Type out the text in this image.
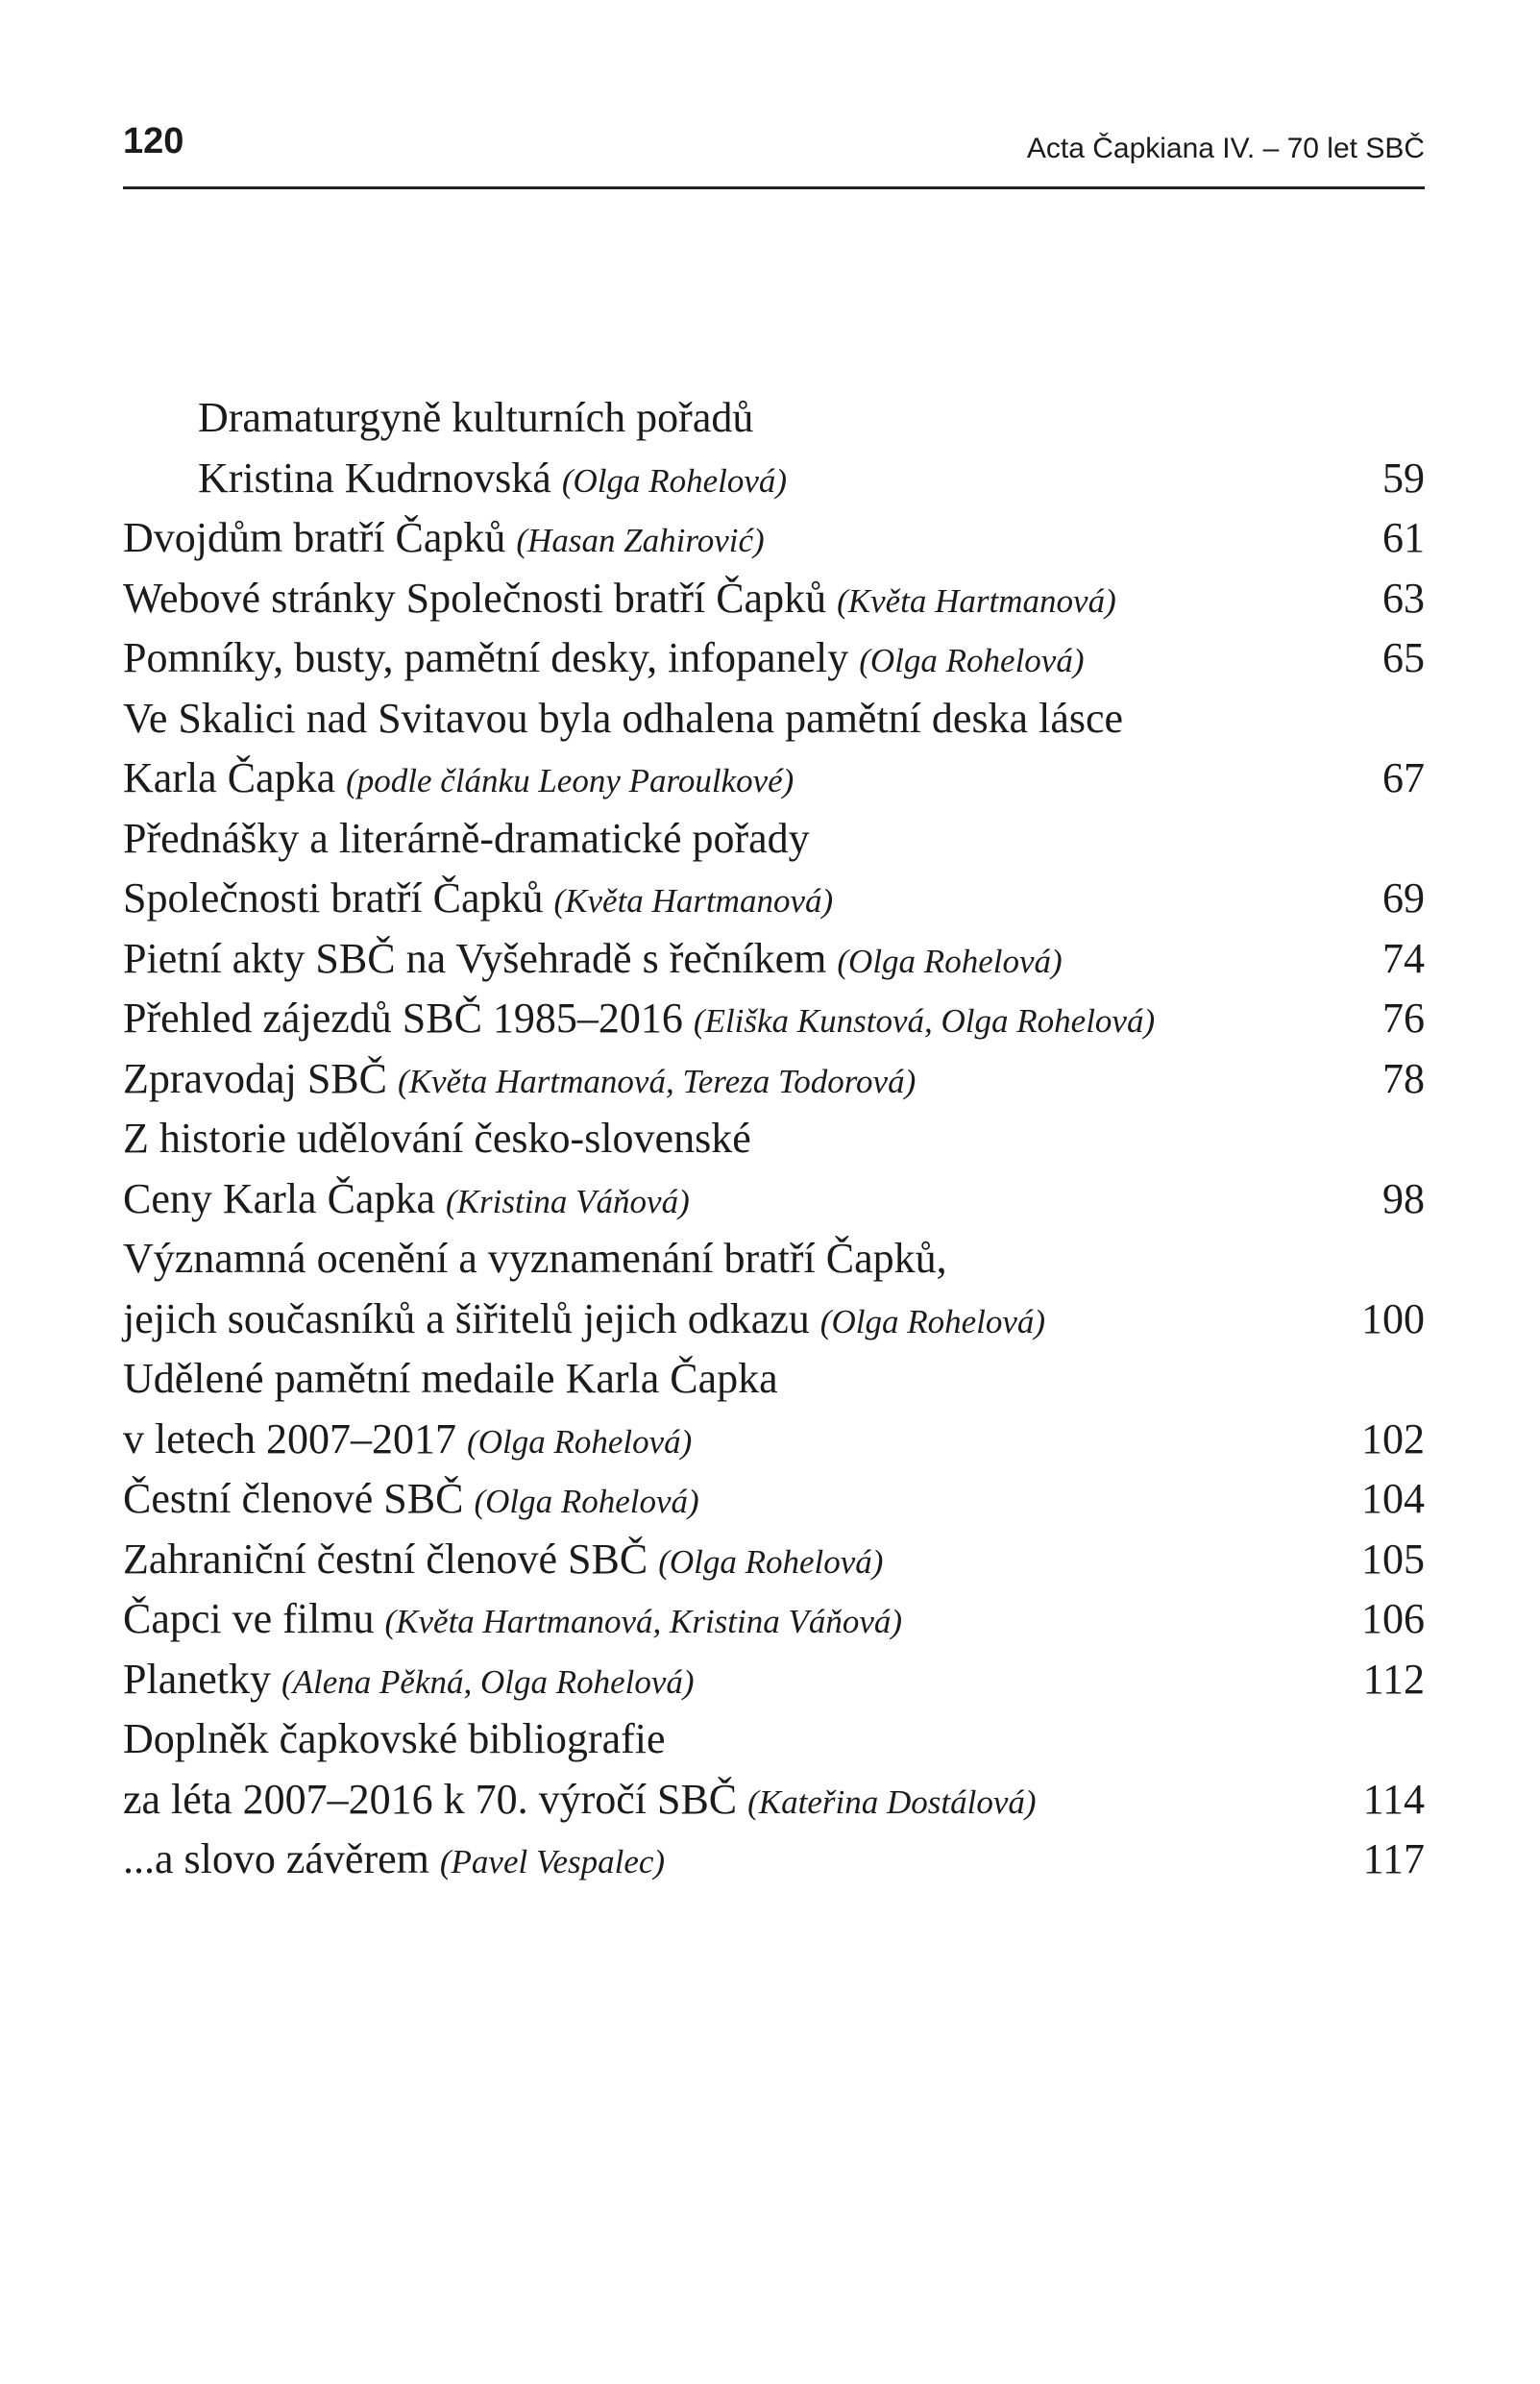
120	Acta Čapkiana IV. – 70 let SBČ
Dramaturgyně kulturních pořadů
Kristina Kudrnovská (Olga Rohelová)	59
Dvojdům bratří Čapků (Hasan Zahirović)	61
Webové stránky Společnosti bratří Čapků (Květa Hartmanová)	63
Pomníky, busty, pamětní desky, infopanely (Olga Rohelová)	65
Ve Skalici nad Svitavou byla odhalena pamětní deska lásce
Karla Čapka (podle článku Leony Paroulkové)	67
Přednášky a literárně-dramatické pořady
Společnosti bratří Čapků (Květa Hartmanová)	69
Pietní akty SBČ na Vyšehradě s řečníkem (Olga Rohelová)	74
Přehled zájezdů SBČ 1985–2016 (Eliška Kunstová, Olga Rohelová)	76
Zpravodaj SBČ (Květa Hartmanová, Tereza Todorová)	78
Z historie udělování česko-slovenské
Ceny Karla Čapka (Kristina Váňová)	98
Významná ocenění a vyznamenání bratří Čapků,
jejich současníků a šiřitelů jejich odkazu (Olga Rohelová)	100
Udělené pamětní medaile Karla Čapka
v letech 2007–2017 (Olga Rohelová)	102
Čestní členové SBČ (Olga Rohelová)	104
Zahraniční čestní členové SBČ (Olga Rohelová)	105
Čapci ve filmu (Květa Hartmanová, Kristina Váňová)	106
Planetky (Alena Pěkná, Olga Rohelová)	112
Doplněk čapkovské bibliografie
za léta 2007–2016 k 70. výročí SBČ (Kateřina Dostálová)	114
...a slovo závěrem (Pavel Vespalec)	117
